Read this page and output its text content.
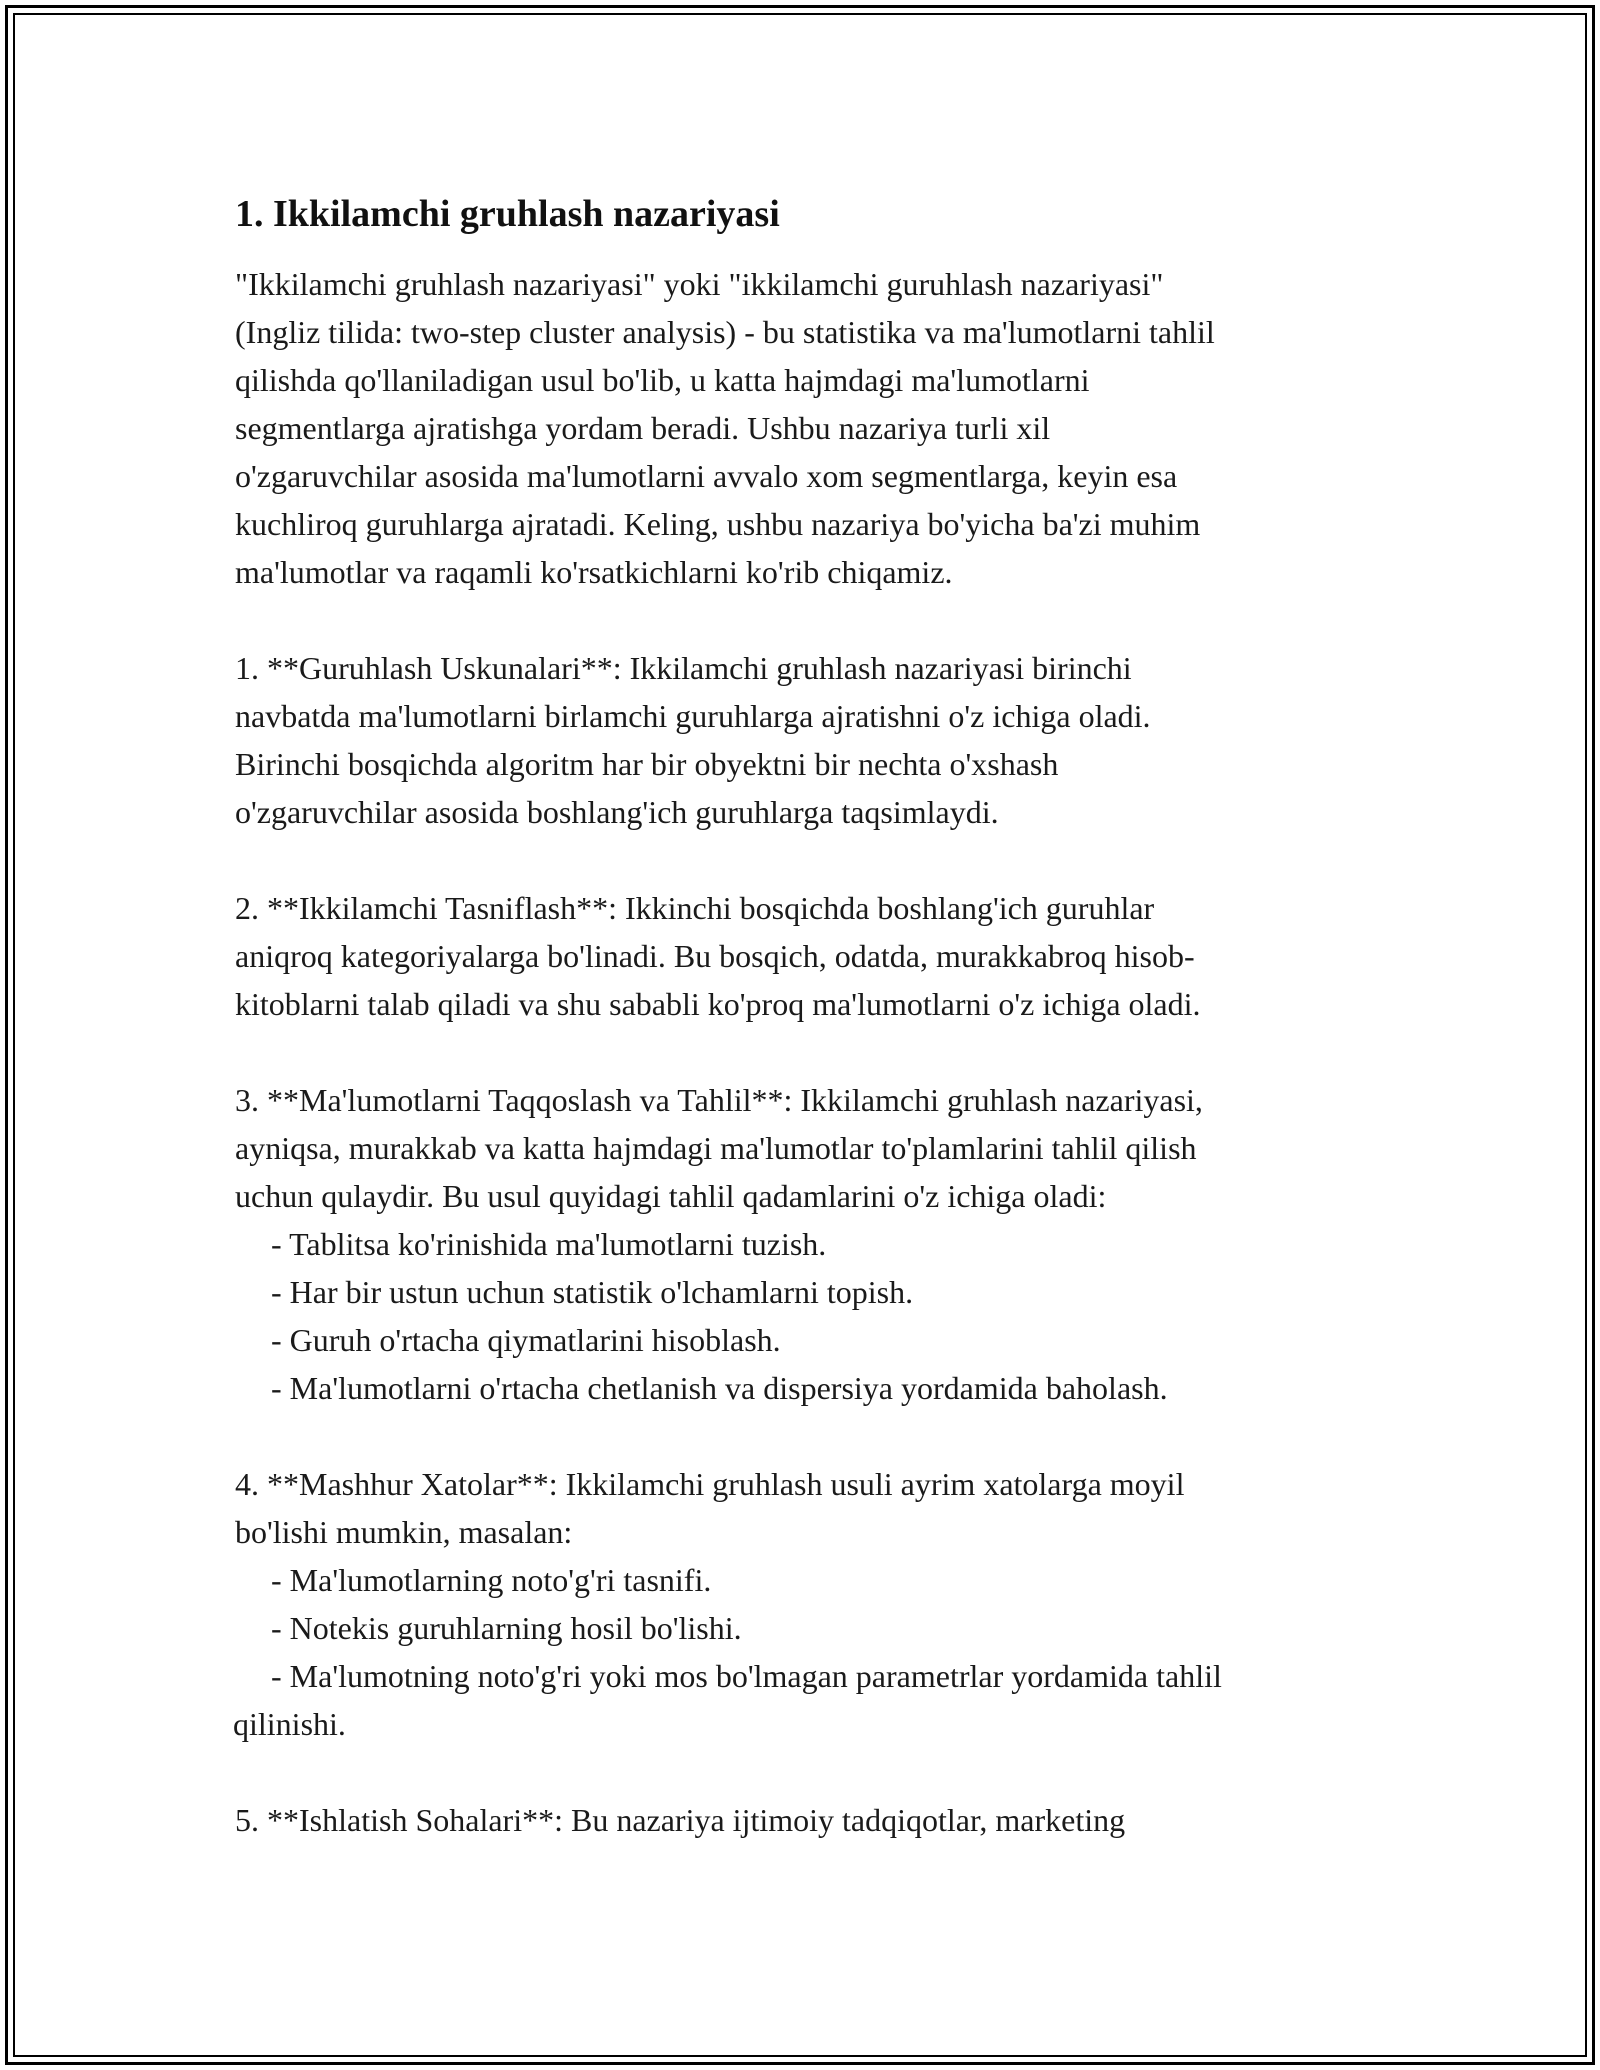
1. Ikkilamchi gruhlash nazariyasi

"Ikkilamchi gruhlash nazariyasi" yoki "ikkilamchi guruhlash nazariyasi"

(Ingliz tilida: two-step cluster analysis) - bu statistika va ma'lumotlarni tahlil

qilishda qo'llaniladigan usul bo'lib, u katta hajmdagi ma'lumotlarni

segmentlarga ajratishga yordam beradi. Ushbu nazariya turli xil

o'zgaruvchilar asosida ma'lumotlarni avvalo xom segmentlarga, keyin esa

kuchliroq guruhlarga ajratadi. Keling, ushbu nazariya bo'yicha ba'zi muhim

ma'lumotlar va raqamli ko'rsatkichlarni ko'rib chiqamiz.

1. **Guruhlash Uskunalari**: Ikkilamchi gruhlash nazariyasi birinchi

navbatda ma'lumotlarni birlamchi guruhlarga ajratishni o'z ichiga oladi.

Birinchi bosqichda algoritm har bir obyektni bir nechta o'xshash

o'zgaruvchilar asosida boshlang'ich guruhlarga taqsimlaydi.

2. **Ikkilamchi Tasniflash**: Ikkinchi bosqichda boshlang'ich guruhlar

aniqroq kategoriyalarga bo'linadi. Bu bosqich, odatda, murakkabroq hisob-

kitoblarni talab qiladi va shu sababli ko'proq ma'lumotlarni o'z ichiga oladi.

3. **Ma'lumotlarni Taqqoslash va Tahlil**: Ikkilamchi gruhlash nazariyasi,

ayniqsa, murakkab va katta hajmdagi ma'lumotlar to'plamlarini tahlil qilish

uchun qulaydir. Bu usul quyidagi tahlil qadamlarini o'z ichiga oladi:

- Tablitsa ko'rinishida ma'lumotlarni tuzish.

- Har bir ustun uchun statistik o'lchamlarni topish.

- Guruh o'rtacha qiymatlarini hisoblash.

- Ma'lumotlarni o'rtacha chetlanish va dispersiya yordamida baholash.

4. **Mashhur Xatolar**: Ikkilamchi gruhlash usuli ayrim xatolarga moyil

bo'lishi mumkin, masalan:

- Ma'lumotlarning noto'g'ri tasnifi.

- Notekis guruhlarning hosil bo'lishi.

- Ma'lumotning noto'g'ri yoki mos bo'lmagan parametrlar yordamida tahlil

qilinishi.

5. **Ishlatish Sohalari**: Bu nazariya ijtimoiy tadqiqotlar, marketing
